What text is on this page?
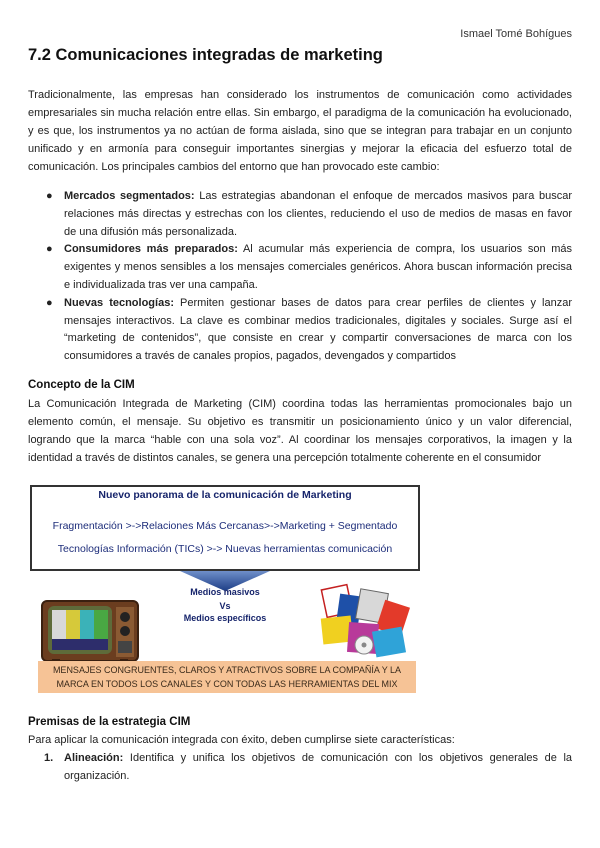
Ismael Tomé Bohígues
7.2 Comunicaciones integradas de marketing

Tradicionalmente, las empresas han considerado los instrumentos de comunicación como actividades empresariales sin mucha relación entre ellas. Sin embargo, el paradigma de la comunicación ha evolucionado, y es que, los instrumentos ya no actúan de forma aislada, sino que se integran para trabajar en un conjunto unificado y en armonía para conseguir importantes sinergias y mejorar la eficacia del esfuerzo total de comunicación. Los principales cambios del entorno que han provocado este cambio:

● Mercados segmentados: Las estrategias abandonan el enfoque de mercados masivos para buscar relaciones más directas y estrechas con los clientes, reduciendo el uso de medios de masas en favor de una difusión más personalizada.
● Consumidores más preparados: Al acumular más experiencia de compra, los usuarios son más exigentes y menos sensibles a los mensajes comerciales genéricos. Ahora buscan información precisa e individualizada tras ver una campaña.
● Nuevas tecnologías: Permiten gestionar bases de datos para crear perfiles de clientes y lanzar mensajes interactivos. La clave es combinar medios tradicionales, digitales y sociales. Surge así el “marketing de contenidos”, que consiste en crear y compartir conversaciones de marca con los consumidores a través de canales propios, pagados, devengados y compartidos
Concepto de la CIM

La Comunicación Integrada de Marketing (CIM) coordina todas las herramientas promocionales bajo un elemento común, el mensaje. Su objetivo es transmitir un posicionamiento único y un valor diferencial, logrando que la marca “hable con una sola voz”. Al coordinar los mensajes corporativos, la imagen y la identidad a través de distintos canales, se genera una percepción totalmente coherente en el consumidor

Nuevo panorama de la comunicación de Marketing
Fragmentación >->Relaciones Más Cercanas>->Marketing + Segmentado
Tecnologías Información (TICs) >-> Nuevas herramientas comunicación
Medios masivos
Vs
Medios específicos
MENSAJES CONGRUENTES, CLAROS Y ATRACTIVOS SOBRE LA COMPAÑÍA Y LA
MARCA EN TODOS LOS CANALES Y CON TODAS LAS HERRAMIENTAS DEL MIX
Premisas de la estrategia CIM

Para aplicar la comunicación integrada con éxito, deben cumplirse siete características:

1. Alineación: Identifica y unifica los objetivos de comunicación con los objetivos generales de la organización.
